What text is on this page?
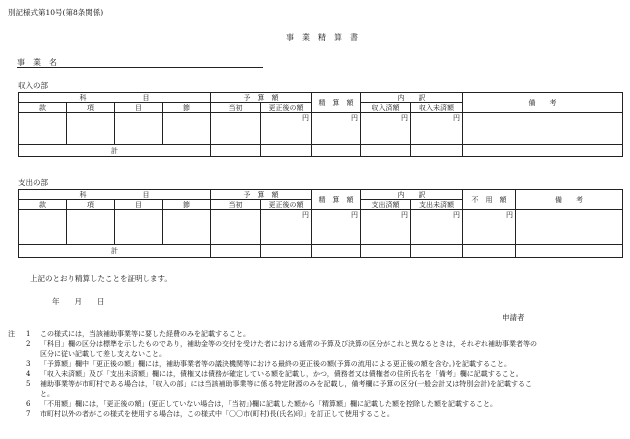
別記様式第10号(第8条関係)
事　業　精　算　書
事　業　名
収入の部
科　　　　　　　　目				予　算　額		精　算　額	内　　訳		備　　考
款	項	目	節	当初	更正後の額		収入済額	収入未済額	
					円	円	円	円	
計									
支出の部
科　　　　　　　　目				予　算　額		精　算　額	内　　訳		不　用　額	備　　考
款	項	目	節	当初	更正後の額		支出済額	支出未済額		
					円	円	円	円	円	
計										
上記のとおり精算したことを証明します。
年　　月　　日
申請者
注 1 この様式には，当該補助事業等に要した経費のみを記載すること。
2 「科目」欄の区分は標準を示したものであり，補助金等の交付を受けた者における通常の予算及び決算の区分がこれと異なるときは，それぞれ補助事業者等の
区分に従い記載して差し支えないこと。
3 「予算額」欄中「更正後の額」欄には，補助事業者等の議決機関等における最終の更正後の額(予算の流用による更正後の額を含む。)を記載すること。
4 「収入未済額」及び「支出未済額」欄には，債権又は債務が確定している額を記載し，かつ，債務者又は債権者の住所氏名を「備考」欄に記載すること。
5 補助事業等が市町村である場合は，「収入の部」には当該補助事業等に係る特定財源のみを記載し，備考欄に予算の区分(一般会計又は特別会計)を記載するこ
と。
6 「不用額」欄には，「更正後の額」(更正していない場合は，「当初」)欄に記載した額から「精算額」欄に記載した額を控除した額を記載すること。
7 市町村以外の者がこの様式を使用する場合は，この様式中「〇〇市(町村)長(氏名)印」を訂正して使用すること。
